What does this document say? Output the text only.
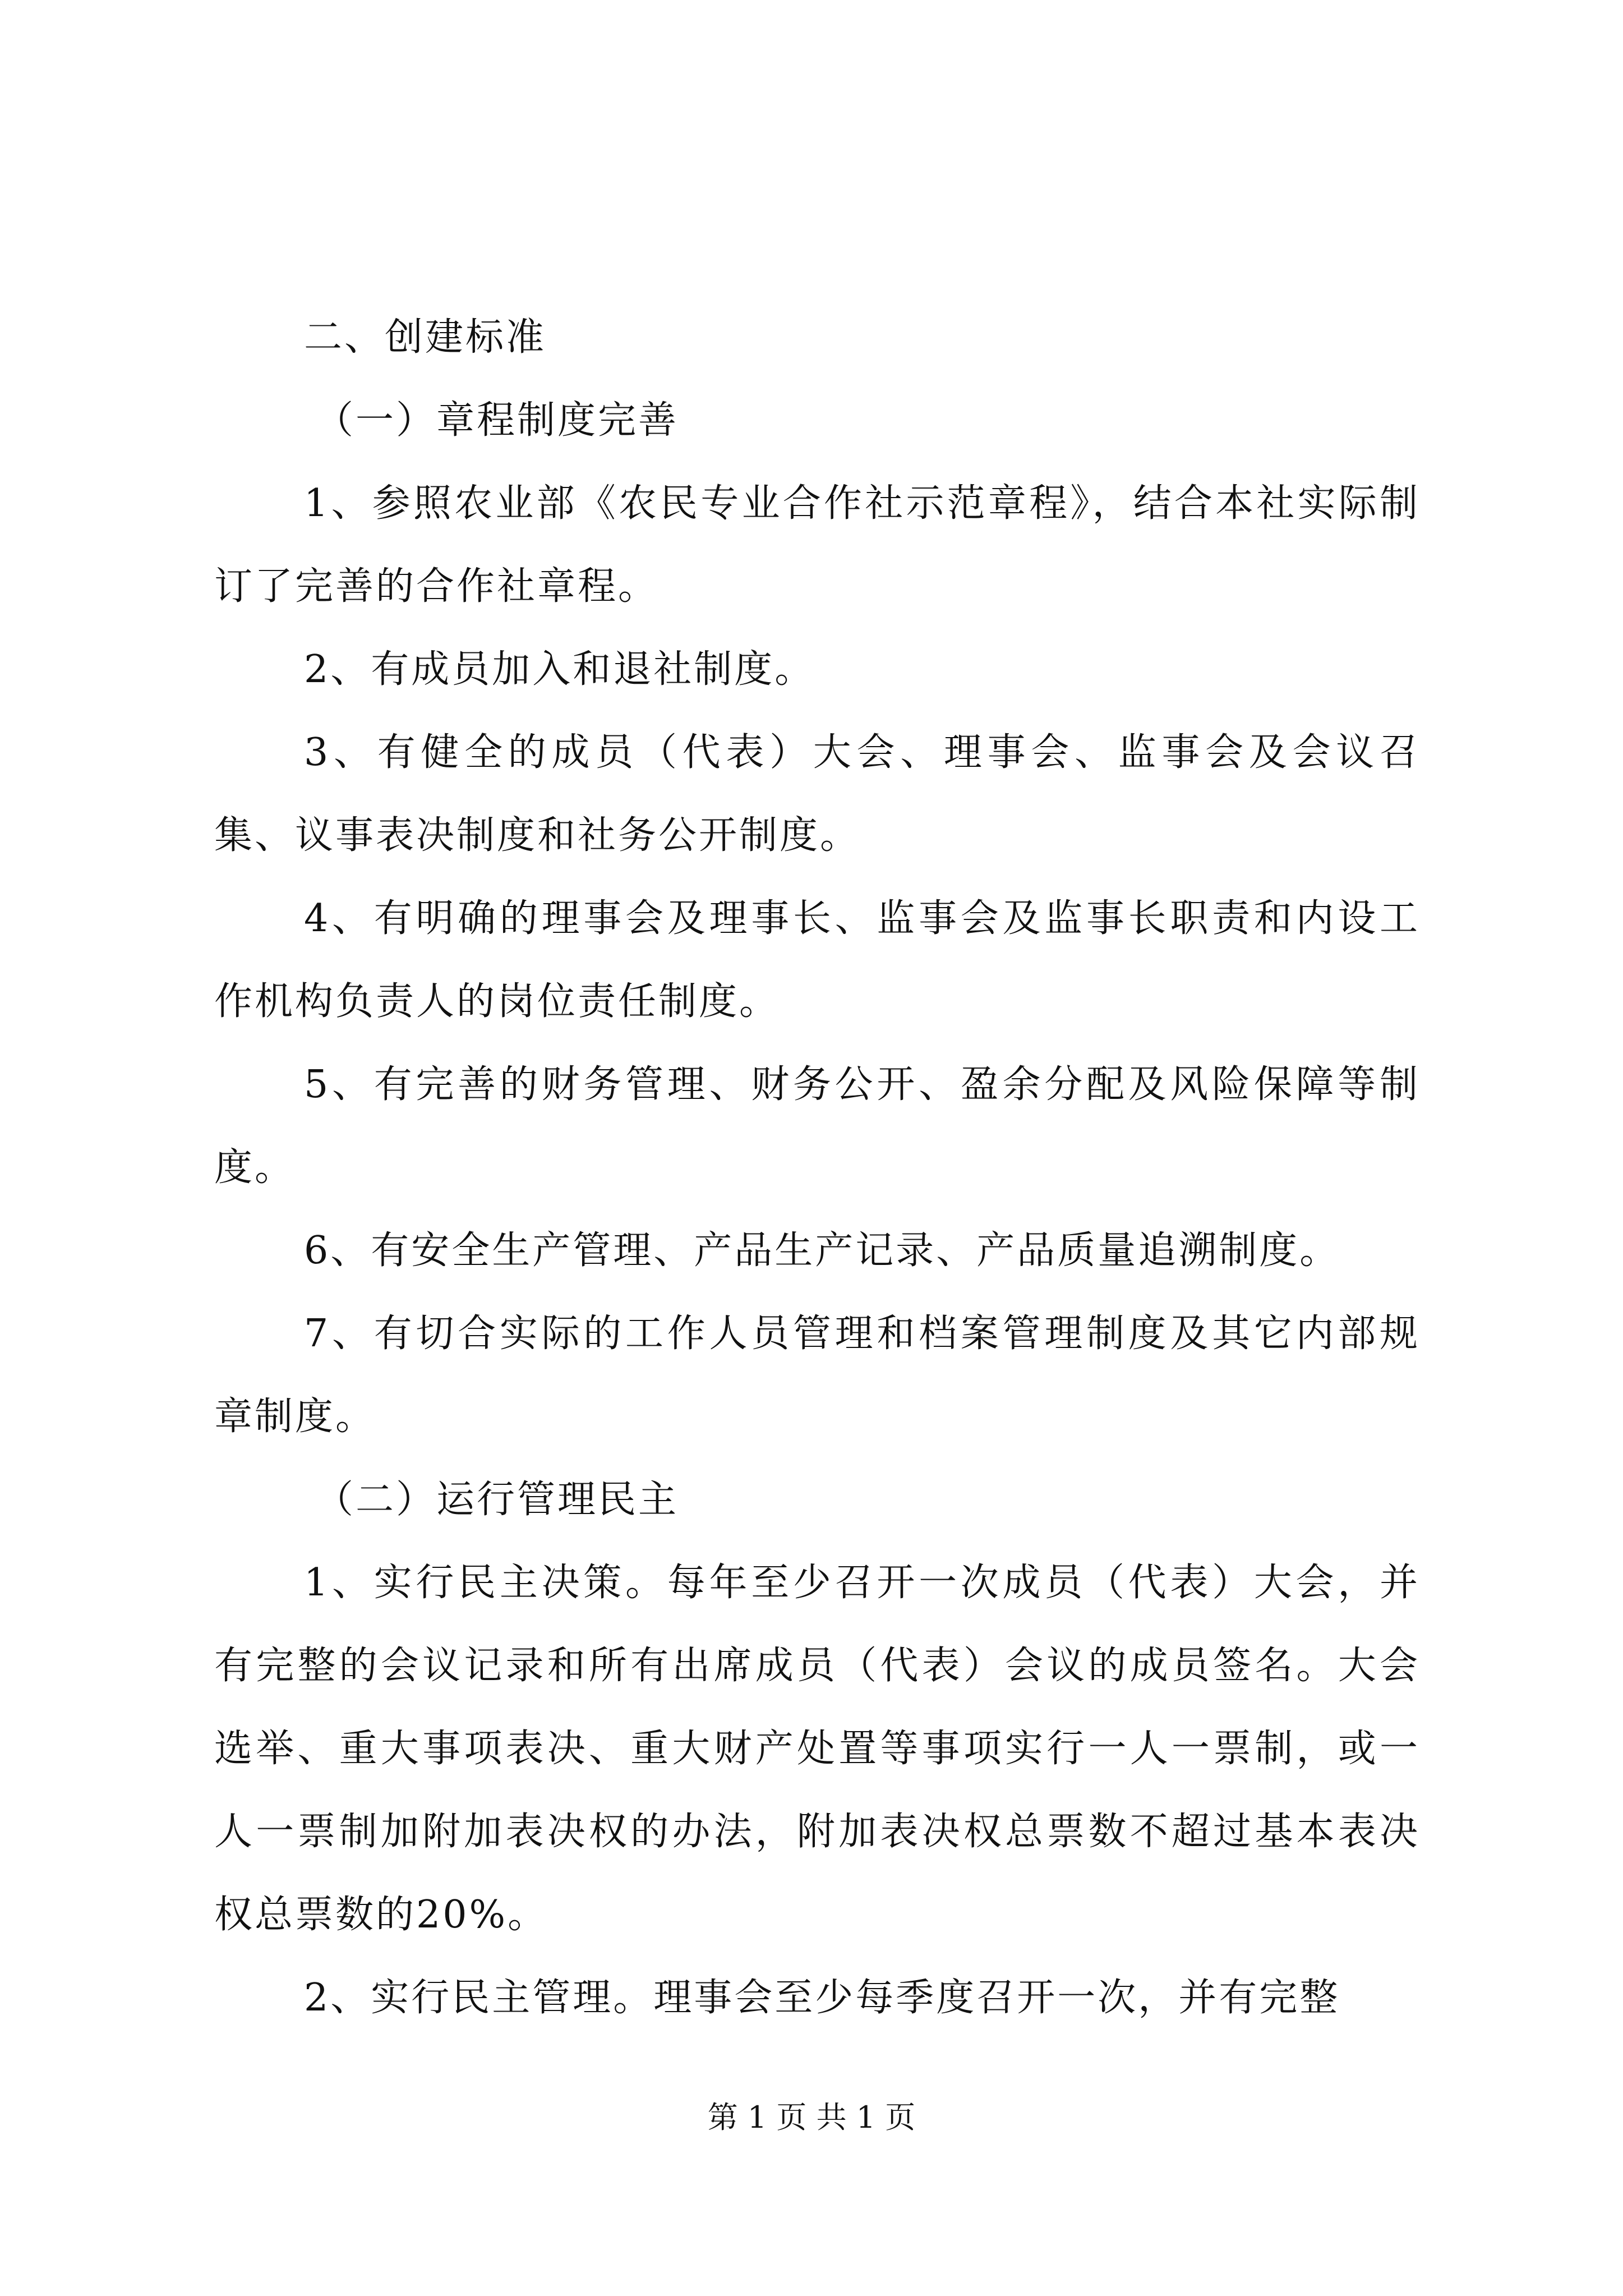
二、创建标准

（一）章程制度完善

1、参照农业部《农民专业合作社示范章程》，结合本社实际制订了完善的合作社章程。

2、有成员加入和退社制度。

3、有健全的成员（代表）大会、理事会、监事会及会议召集、议事表决制度和社务公开制度。

4、有明确的理事会及理事长、监事会及监事长职责和内设工作机构负责人的岗位责任制度。

5、有完善的财务管理、财务公开、盈余分配及风险保障等制度。

6、有安全生产管理、产品生产记录、产品质量追溯制度。

7、有切合实际的工作人员管理和档案管理制度及其它内部规章制度。

（二）运行管理民主

1、实行民主决策。每年至少召开一次成员（代表）大会，并有完整的会议记录和所有出席成员（代表）会议的成员签名。大会选举、重大事项表决、重大财产处置等事项实行一人一票制，或一人一票制加附加表决权的办法，附加表决权总票数不超过基本表决权总票数的20%。

2、实行民主管理。理事会至少每季度召开一次，并有完整

第 1 页 共 1 页
